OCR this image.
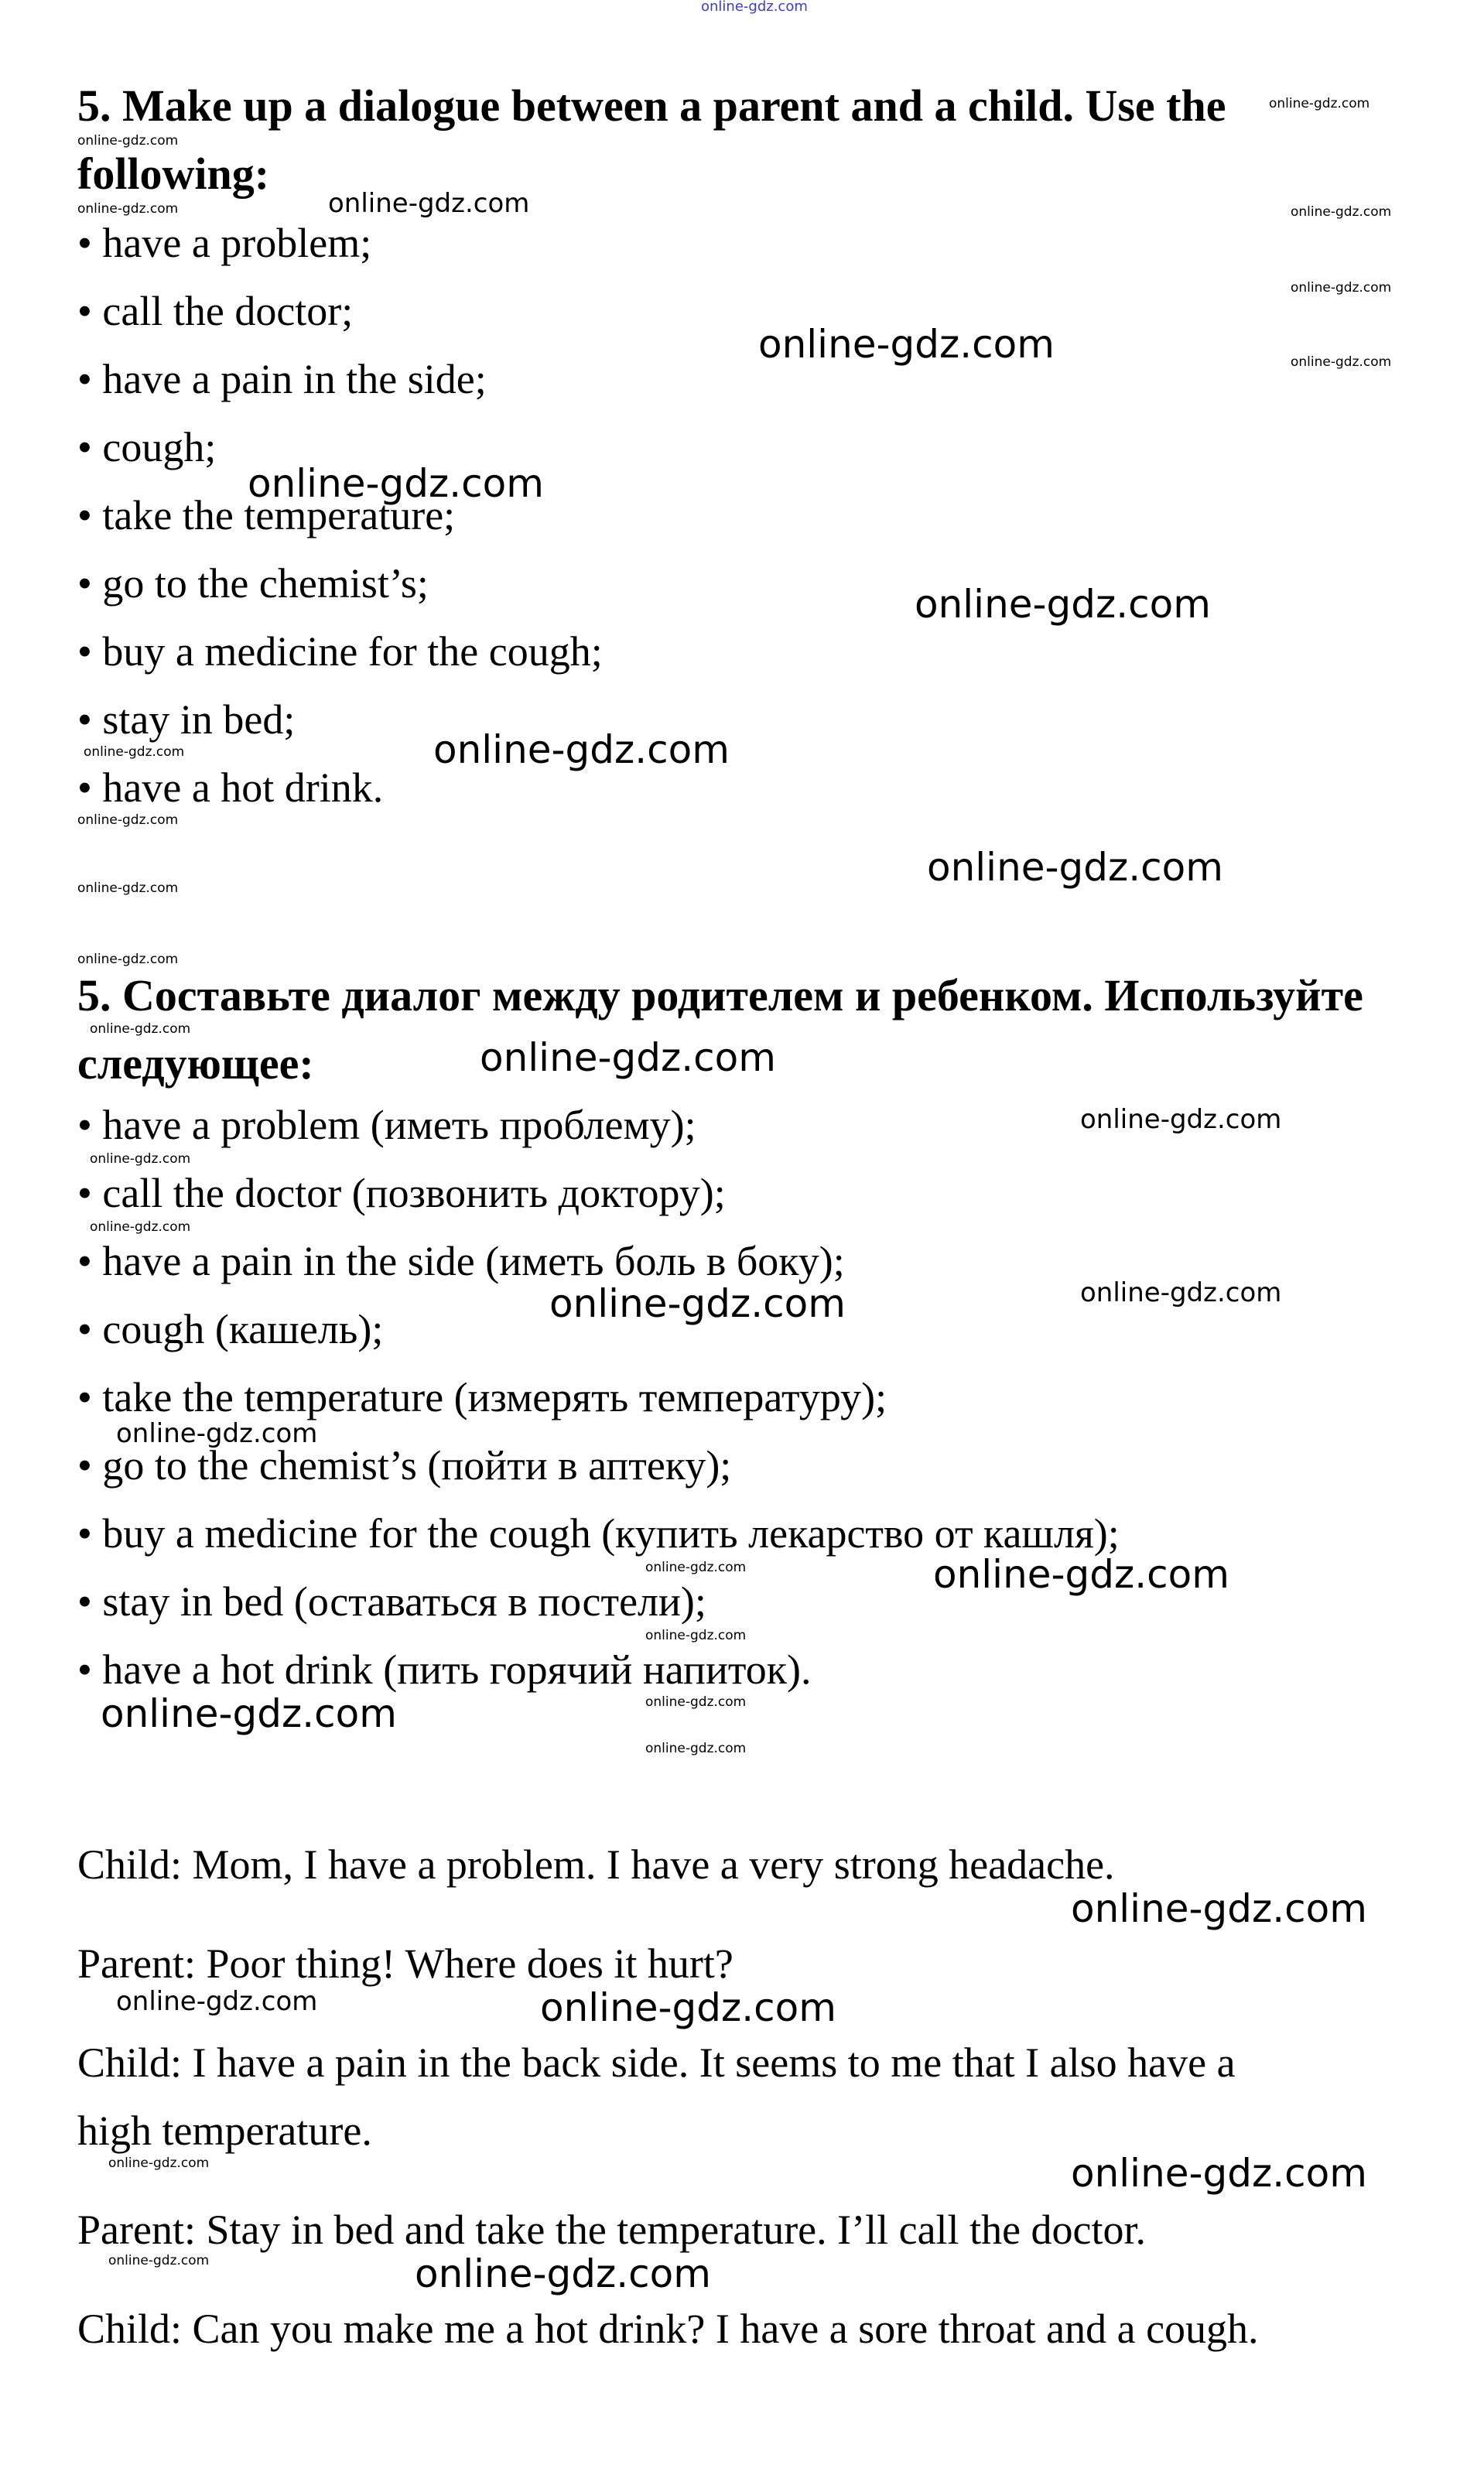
online-gdz.com
5. Make up a dialogue between a parent and a child. Use the
following:
• have a problem;
• call the doctor;
• have a pain in the side;
• cough;
• take the temperature;
• go to the chemist’s;
• buy a medicine for the cough;
• stay in bed;
• have a hot drink.
5. Составьте диалог между родителем и ребенком. Используйте
следующее:
• have a problem (иметь проблему);
• call the doctor (позвонить доктору);
• have a pain in the side (иметь боль в боку);
• cough (кашель);
• take the temperature (измерять температуру);
• go to the chemist’s (пойти в аптеку);
• buy a medicine for the cough (купить лекарство от кашля);
• stay in bed (оставаться в постели);
• have a hot drink (пить горячий напиток).
Child: Mom, I have a problem. I have a very strong headache.
Parent: Poor thing! Where does it hurt?
Child: I have a pain in the back side. It seems to me that I also have a
high temperature.
Parent: Stay in bed and take the temperature. I’ll call the doctor.
Child: Can you make me a hot drink? I have a sore throat and a cough.
online-gdz.com
online-gdz.com
online-gdz.com	online-gdz.com
online-gdz.com
online-gdz.com
online-gdz.com
online-gdz.com
online-gdz.com
online-gdz.com
online-gdz.com
online-gdz.com
online-gdz.com
online-gdz.com
online-gdz.com
online-gdz.com
online-gdz.com
online-gdz.com
online-gdz.com
online-gdz.com
online-gdz.com
online-gdz.com
online-gdz.com
online-gdz.com
online-gdz.com
online-gdz.com
online-gdz.com
online-gdz.com
online-gdz.com
online-gdz.com
online-gdz.com
online-gdz.com
online-gdz.com
online-gdz.com
online-gdz.com
online-gdz.com
online-gdz.com
